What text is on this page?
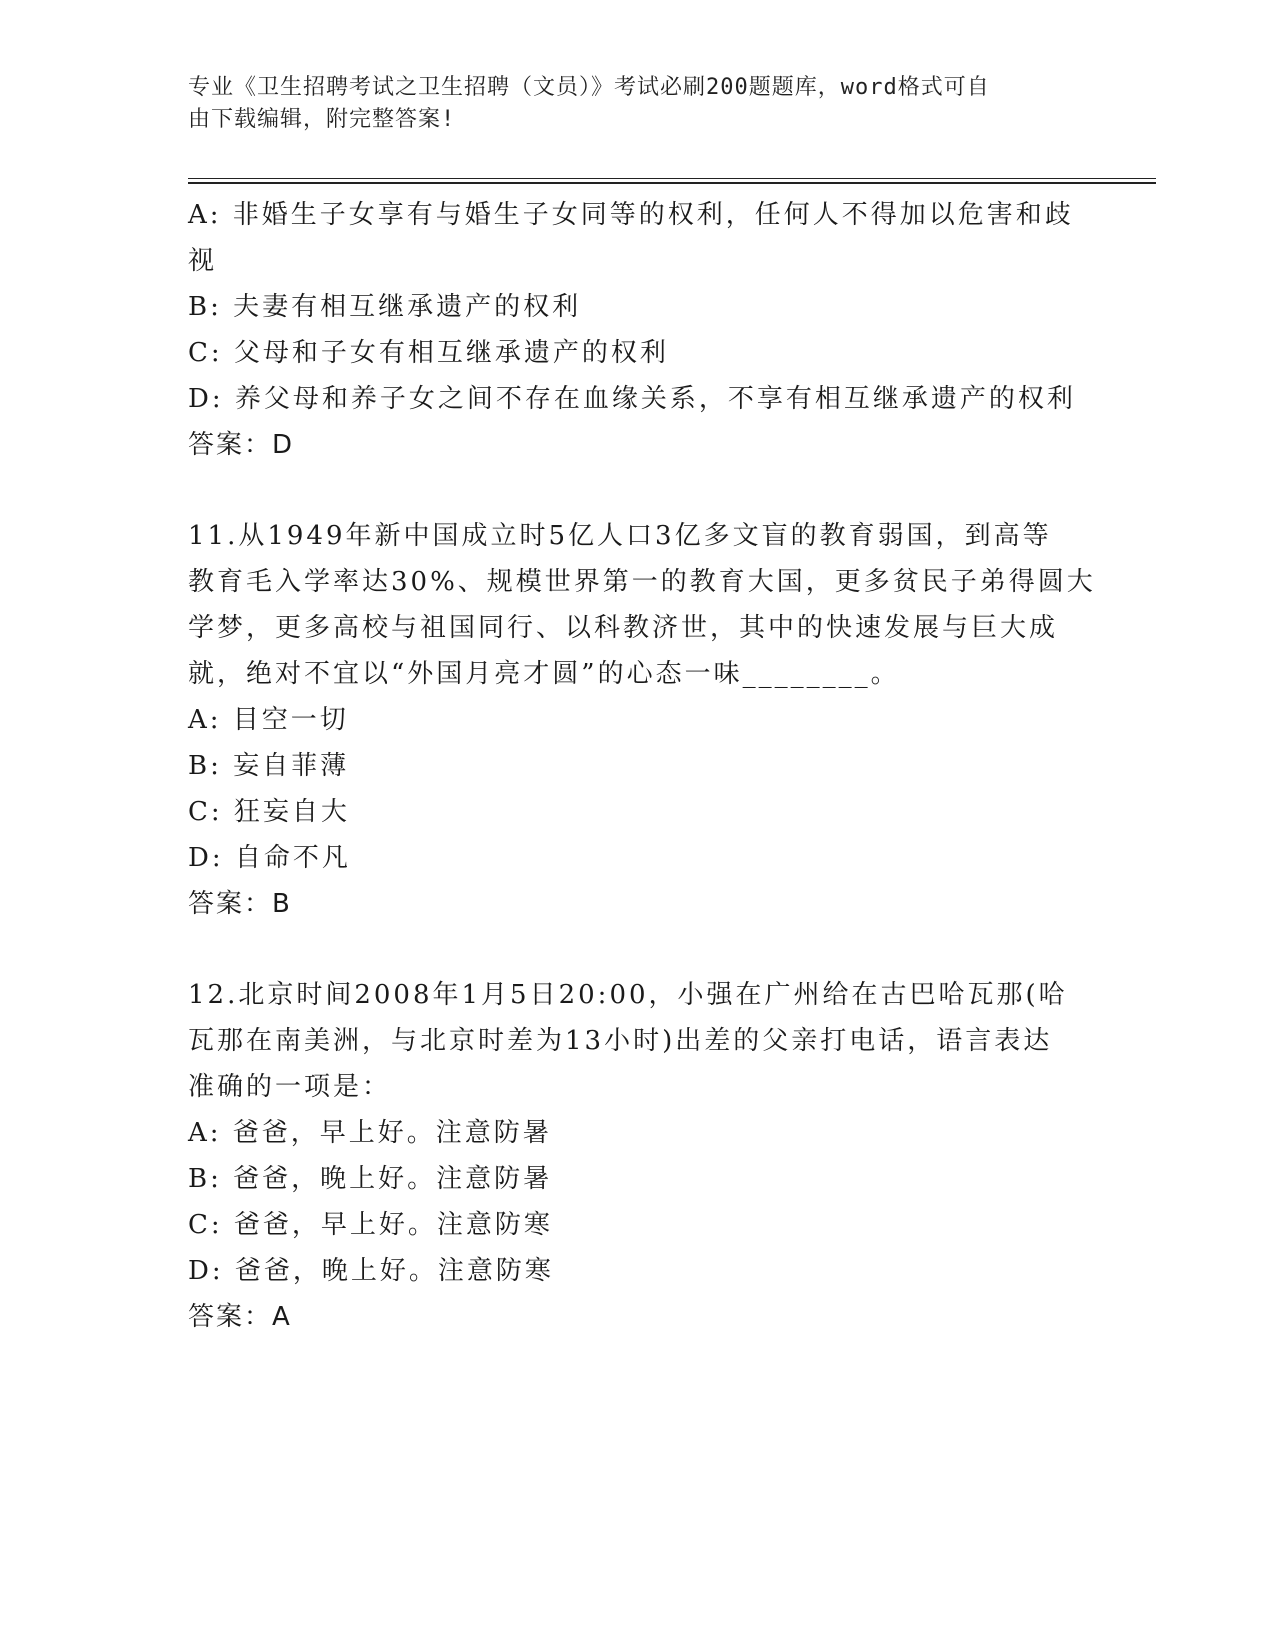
专业《卫生招聘考试之卫生招聘（文员）》考试必刷200题题库，word格式可自
由下载编辑，附完整答案!
A: 非婚生子女享有与婚生子女同等的权利，任何人不得加以危害和歧
视
B: 夫妻有相互继承遗产的权利
C: 父母和子女有相互继承遗产的权利
D: 养父母和养子女之间不存在血缘关系，不享有相互继承遗产的权利
答案：D
11.从1949年新中国成立时5亿人口3亿多文盲的教育弱国，到高等
教育毛入学率达30%、规模世界第一的教育大国，更多贫民子弟得圆大
学梦，更多高校与祖国同行、以科教济世，其中的快速发展与巨大成
就，绝对不宜以“外国月亮才圆”的心态一味________。
A: 目空一切
B: 妄自菲薄
C: 狂妄自大
D: 自命不凡
答案：B
12.北京时间2008年1月5日20:00，小强在广州给在古巴哈瓦那(哈
瓦那在南美洲，与北京时差为13小时)出差的父亲打电话，语言表达
准确的一项是：
A: 爸爸，早上好。注意防暑
B: 爸爸，晚上好。注意防暑
C: 爸爸，早上好。注意防寒
D: 爸爸，晚上好。注意防寒
答案：A
